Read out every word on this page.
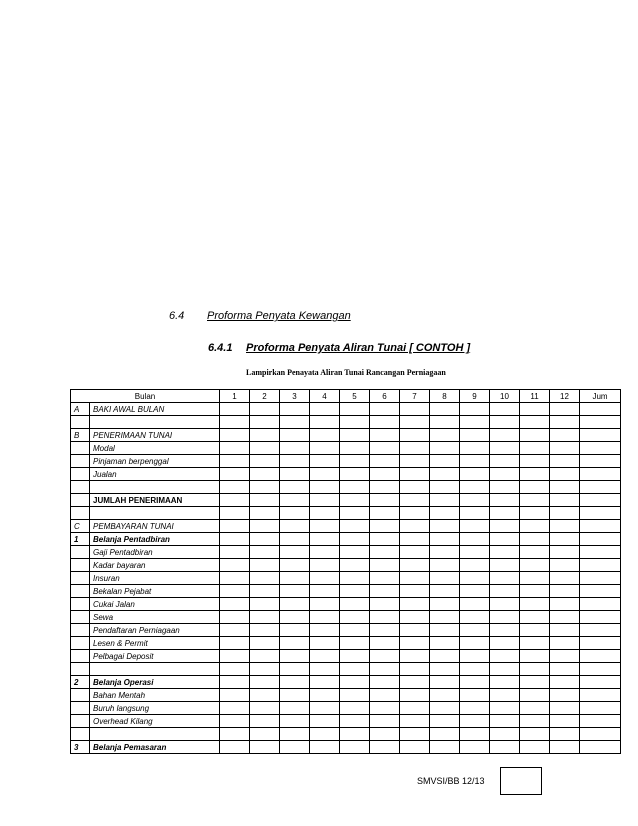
6.4 Proforma Penyata Kewangan
6.4.1 Proforma Penyata Aliran Tunai [ CONTOH ]
Lampirkan Penayata Aliran Tunai Rancangan Perniagaan
Bulan		1	2	3	4	5	6	7	8	9	10	11	12	Jum
A	BAKI AWAL BULAN													

B	PENERIMAAN TUNAI													
	Modal													
	Pinjaman berpenggal													
	Jualan													

	JUMLAH PENERIMAAN													

C	PEMBAYARAN TUNAI													
1	Belanja Pentadbiran													
	Gaji Pentadbiran													
	Kadar bayaran													
	Insuran													
	Bekalan Pejabat													
	Cukai Jalan													
	Sewa													
	Pendaftaran Perniagaan													
	Lesen & Permit													
	Pelbagai Deposit													

2	Belanja Operasi													
	Bahan Mentah													
	Buruh langsung													
	Overhead Kilang													

3	Belanja Pemasaran													
SMVSI/BB 12/13
